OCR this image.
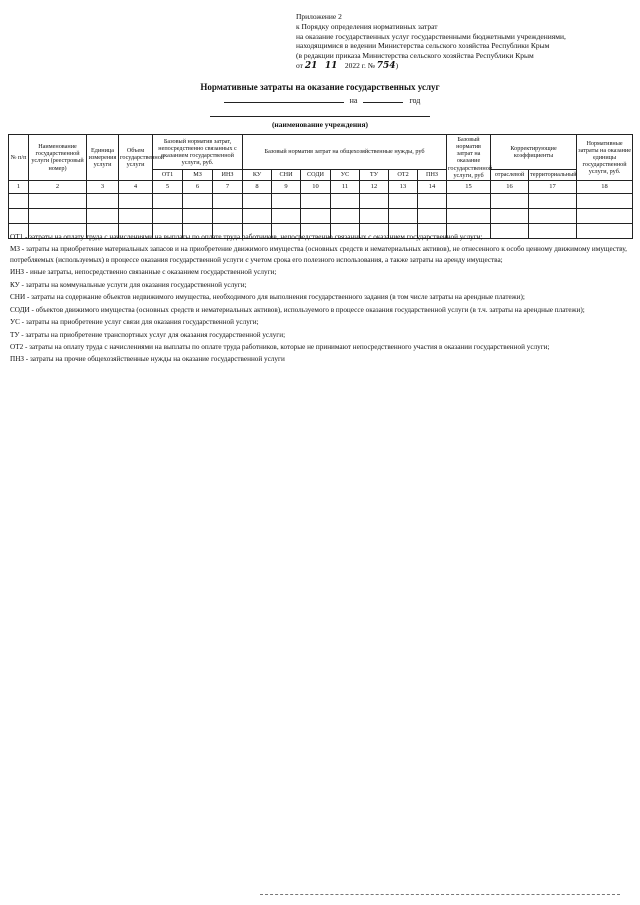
Приложение 2
к Порядку определения нормативных затрат
на оказание государственных услуг государственными бюджетными учреждениями,
находящимися в ведении Министерства сельского хозяйства Республики Крым
(в редакции приказа Министерства сельского хозяйства Республики Крым
от 21 11 2022 г. № 754)
Нормативные затраты на оказание государственных услуг
на	год
(наименование учреждения)
№ п/п	Наименование государственной услуги (реестровый номер)	Единица измерения услуги	Объем государственной услуги	Базовый норматив затрат, непосредственно связанных с оказанием государственной услуги, руб.			Базовый норматив затрат на общехозяйственные нужды, руб							Базовый норматив затрат на оказание государственной услуги, руб	Корректирующие коэффициенты		Нормативные затраты на оказание единицы государственной услуги, руб.
				ОТ1	МЗ	ИНЗ	КУ	СНИ	СОДИ	УС	ТУ	ОТ2	ПНЗ		отраслевой	территориальный	
1	2	3	4	5	6	7	8	9	10	11	12	13	14	15	16	17	18

ОТ1 - затраты на оплату труда с начислениями на выплаты по оплате труда работников, непосредственно связанных с оказанием государственной услуги;
МЗ - затраты на приобретение материальных запасов и на приобретение движимого имущества (основных средств и нематериальных активов), не отнесенного к особо ценному движимому имуществу, потребляемых (используемых) в процессе оказания государственной услуги с учетом срока его полезного использования, а также затраты на аренду имущества;
ИНЗ - иные затраты, непосредственно связанные с оказанием государственной услуги;
КУ - затраты на коммунальные услуги для оказания государственной услуги;
СНИ - затраты на содержание объектов недвижимого имущества, необходимого для выполнения государственного задания (в том числе затраты на арендные платежи);
СОДИ - объектов движимого имущества (основных средств и нематериальных активов), используемого в процессе оказания государственной услуги (в т.ч. затраты на арендные платежи);
УС - затраты на приобретение услуг связи для оказания государственной услуги;
ТУ - затраты на приобретение транспортных услуг для оказания государственной услуги;
ОТ2 - затраты на оплату труда с начислениями на выплаты по оплате труда работников, которые не принимают непосредственного участия в оказании государственной услуги;
ПНЗ - затраты на прочие общехозяйственные нужды на оказание государственной услуги
